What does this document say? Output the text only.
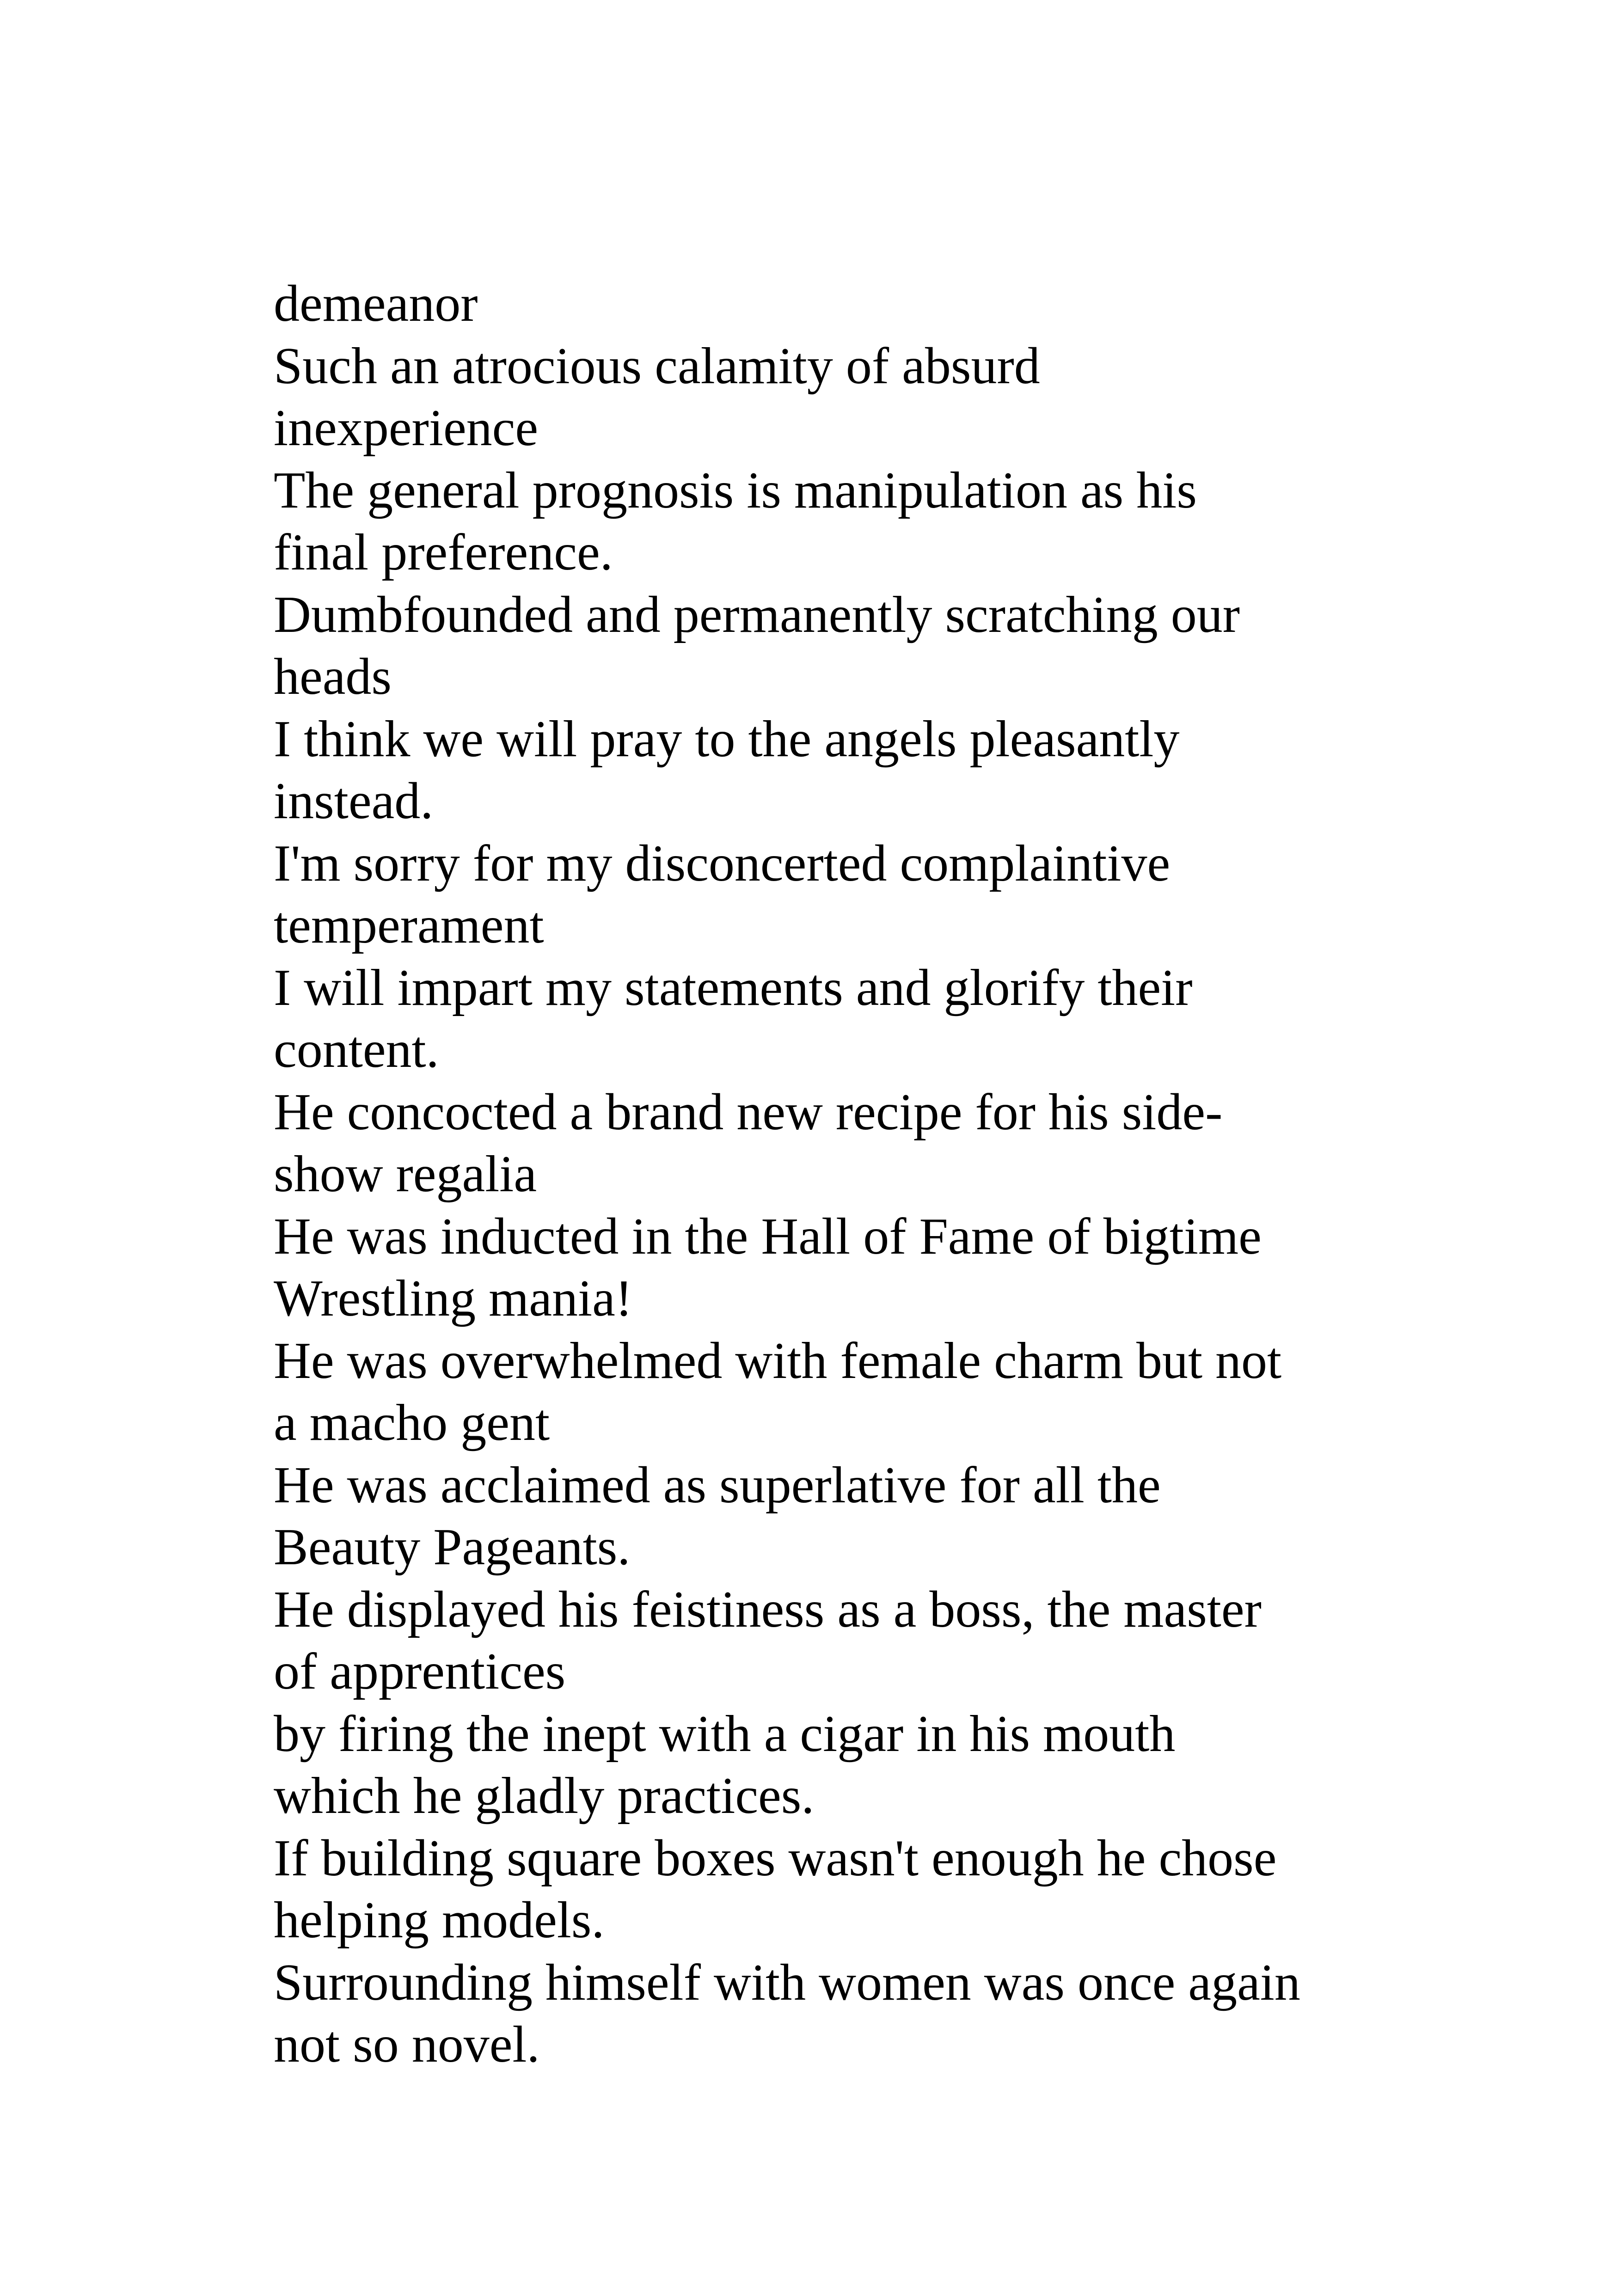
demeanor
Such an atrocious calamity of absurd
inexperience
The general prognosis is manipulation as his
final preference.
Dumbfounded and permanently scratching our
heads
I think we will pray to the angels pleasantly
instead.
I'm sorry for my disconcerted complaintive
temperament
I will impart my statements and glorify their
content.
He concocted a brand new recipe for his side-
show regalia
He was inducted in the Hall of Fame of bigtime
Wrestling mania!
He was overwhelmed with female charm but not
a macho gent
He was acclaimed as superlative for all the
Beauty Pageants.
He displayed his feistiness as a boss, the master
of apprentices
by firing the inept with a cigar in his mouth
which he gladly practices.
If building square boxes wasn't enough he chose
helping models.
Surrounding himself with women was once again
not so novel.
